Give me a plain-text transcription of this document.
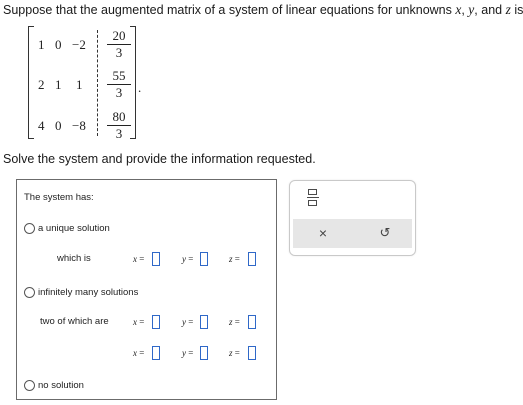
Suppose that the augmented matrix of a system of linear equations for unknowns x, y, and z is
1 $0 -2 \frac{20}{3}$
2 1 $1 \frac{55}{3}$
4 $0 -8 \frac{80}{3}$
.
Solve the system and provide the information requested.
The system has:
a unique solution
which is	x =	y =	z =
infinitely many solutions
two of which are	x =	y =	z =
x =	y =	z =
no solution
×	↺
